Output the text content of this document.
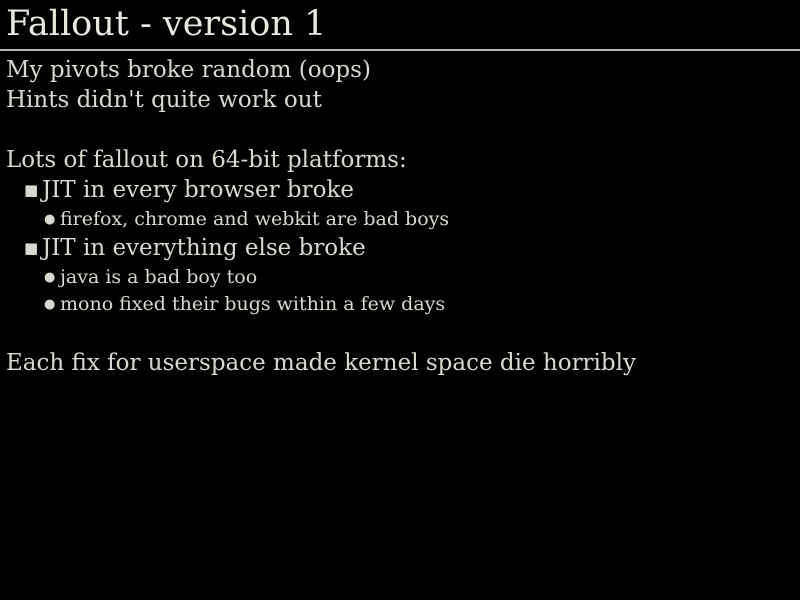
Fallout - version 1
My pivots broke random (oops)
Hints didn't quite work out
Lots of fallout on 64-bit platforms:
■ JIT in every browser broke
● firefox, chrome and webkit are bad boys
■ JIT in everything else broke
● java is a bad boy too
● mono fixed their bugs within a few days
Each fix for userspace made kernel space die horribly
